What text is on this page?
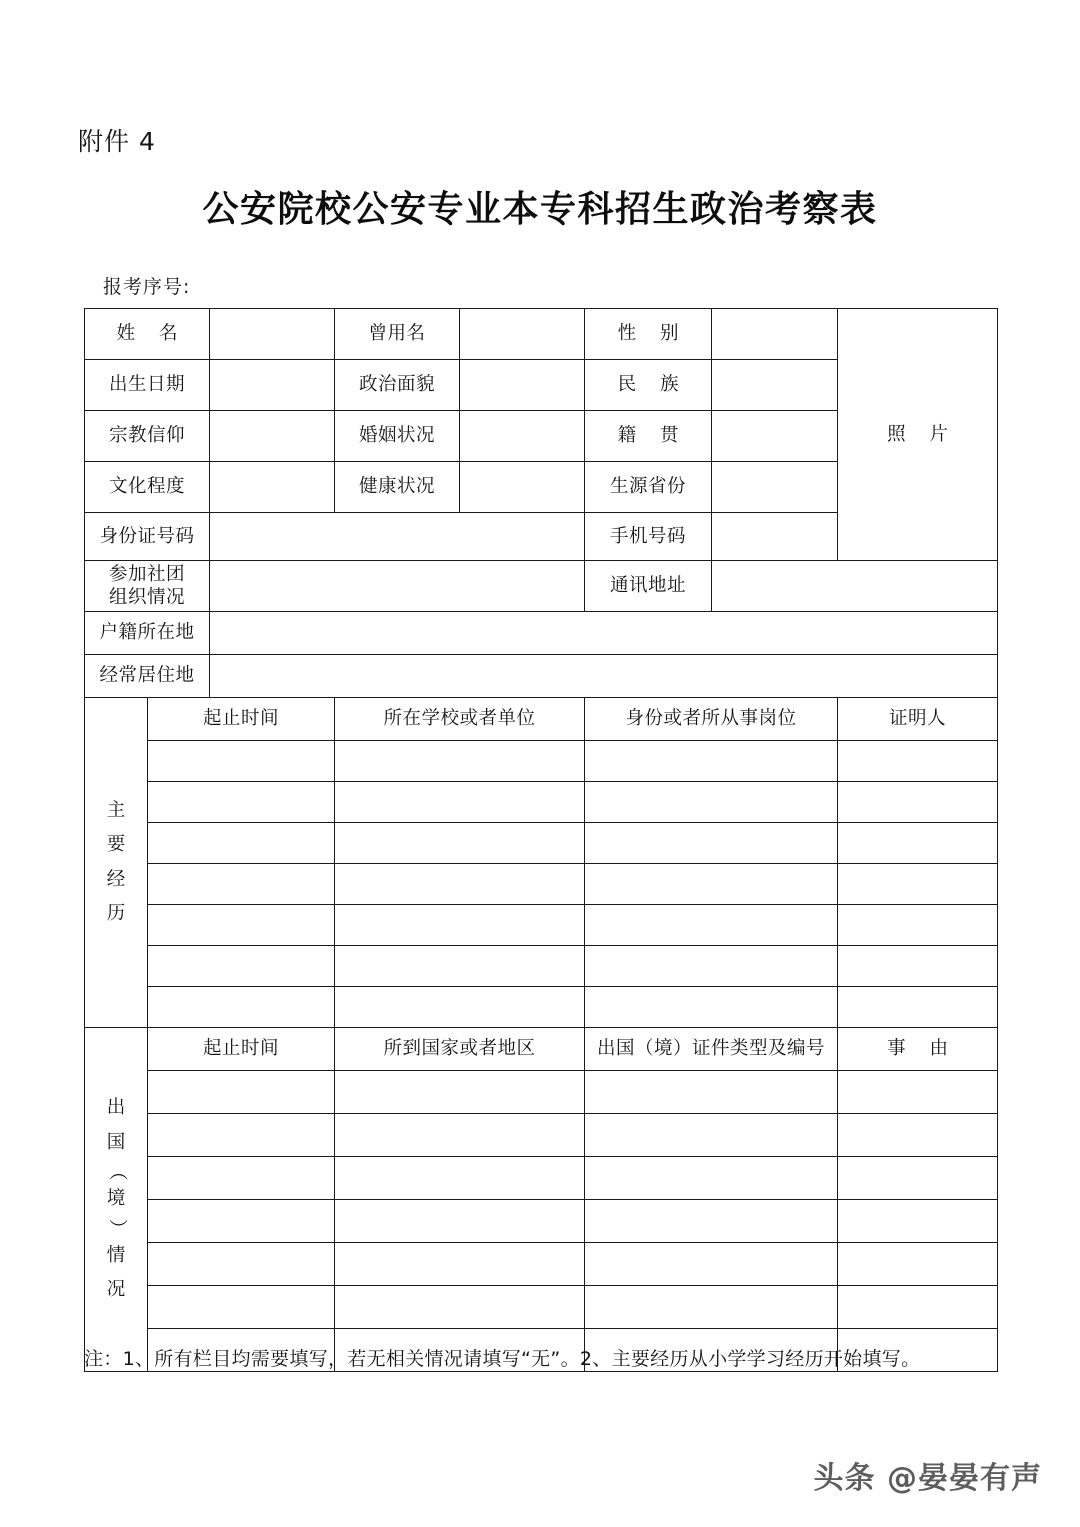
附件 4
公安院校公安专业本专科招生政治考察表
报考序号:
姓 名			曾用名		性 别		照 片
出生日期			政治面貌		民 族		
宗教信仰			婚姻状况		籍 贯		
文化程度			健康状况		生源省份		
身份证号码					手机号码		

参加社团
组织情况					通讯地址		
户籍所在地							
经常居住地							

主
要
经
历	起止时间		所在学校或者单位		身份或者所从事岗位		证明人

出
国
（
境
）
情
况
	起止时间	所到国家或者地区	出国（境）证件类型及编号	事 由

注：1、所有栏目均需要填写，若无相关情况请填写“无”。2、主要经历从小学学习经历开始填写。
头条 @晏晏有声
